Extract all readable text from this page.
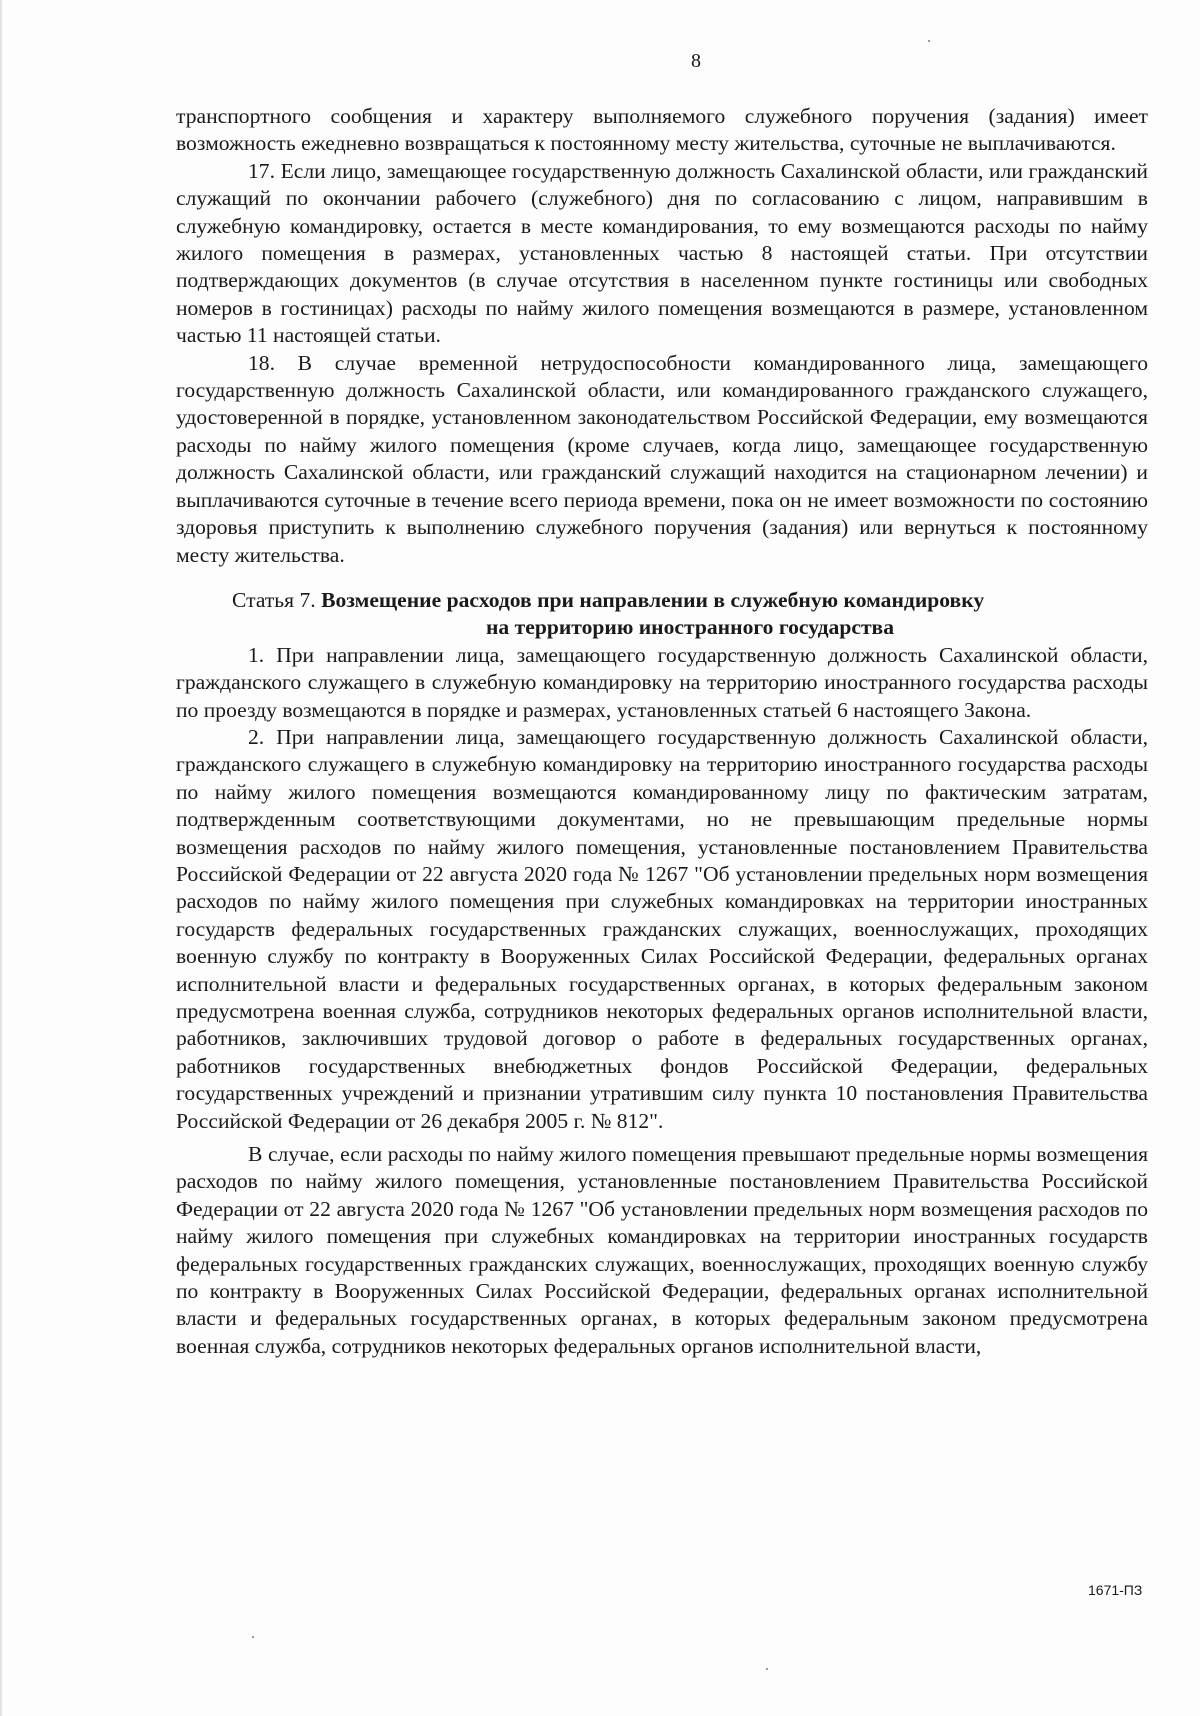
8

транспортного сообщения и характеру выполняемого служебного поручения (задания) имеет возможность ежедневно возвращаться к постоянному месту жительства, суточные не выплачиваются.

17. Если лицо, замещающее государственную должность Сахалинской области, или гражданский служащий по окончании рабочего (служебного) дня по согласованию с лицом, направившим в служебную командировку, остается в месте командирования, то ему возмещаются расходы по найму жилого помещения в размерах, установленных частью 8 настоящей статьи. При отсутствии подтверждающих документов (в случае отсутствия в населенном пункте гостиницы или свободных номеров в гостиницах) расходы по найму жилого помещения возмещаются в размере, установленном частью 11 настоящей статьи.

18. В случае временной нетрудоспособности командированного лица, замещающего государственную должность Сахалинской области, или командированного гражданского служащего, удостоверенной в порядке, установленном законодательством Российской Федерации, ему возмещаются расходы по найму жилого помещения (кроме случаев, когда лицо, замещающее государственную должность Сахалинской области, или гражданский служащий находится на стационарном лечении) и выплачиваются суточные в течение всего периода времени, пока он не имеет возможности по состоянию здоровья приступить к выполнению служебного поручения (задания) или вернуться к постоянному месту жительства.

Статья 7. Возмещение расходов при направлении в служебную командировку
на территорию иностранного государства

1. При направлении лица, замещающего государственную должность Сахалинской области, гражданского служащего в служебную командировку на территорию иностранного государства расходы по проезду возмещаются в порядке и размерах, установленных статьей 6 настоящего Закона.

2. При направлении лица, замещающего государственную должность Сахалинской области, гражданского служащего в служебную командировку на территорию иностранного государства расходы по найму жилого помещения возмещаются командированному лицу по фактическим затратам, подтвержденным соответствующими документами, но не превышающим предельные нормы возмещения расходов по найму жилого помещения, установленные постановлением Правительства Российской Федерации от 22 августа 2020 года № 1267 "Об установлении предельных норм возмещения расходов по найму жилого помещения при служебных командировках на территории иностранных государств федеральных государственных гражданских служащих, военнослужащих, проходящих военную службу по контракту в Вооруженных Силах Российской Федерации, федеральных органах исполнительной власти и федеральных государственных органах, в которых федеральным законом предусмотрена военная служба, сотрудников некоторых федеральных органов исполнительной власти, работников, заключивших трудовой договор о работе в федеральных государственных органах, работников государственных внебюджетных фондов Российской Федерации, федеральных государственных учреждений и признании утратившим силу пункта 10 постановления Правительства Российской Федерации от 26 декабря 2005 г. № 812".

В случае, если расходы по найму жилого помещения превышают предельные нормы возмещения расходов по найму жилого помещения, установленные постановлением Правительства Российской Федерации от 22 августа 2020 года № 1267 "Об установлении предельных норм возмещения расходов по найму жилого помещения при служебных командировках на территории иностранных государств федеральных государственных гражданских служащих, военнослужащих, проходящих военную службу по контракту в Вооруженных Силах Российской Федерации, федеральных органах исполнительной власти и федеральных государственных органах, в которых федеральным законом предусмотрена военная служба, сотрудников некоторых федеральных органов исполнительной власти,

1671-ПЗ
